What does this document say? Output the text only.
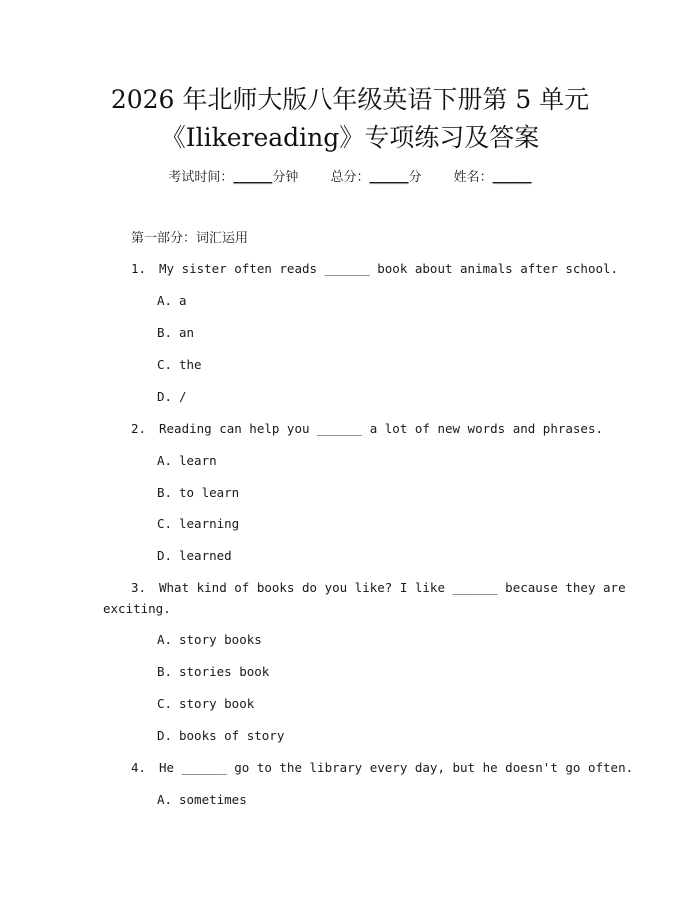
2026 年北师大版八年级英语下册第 5 单元
《Ilikereading》专项练习及答案
考试时间：______分钟 总分：______分 姓名：______
第一部分：词汇运用
1. My sister often reads ______ book about animals after school.
A. a
B. an
C. the
D. /
2. Reading can help you ______ a lot of new words and phrases.
A. learn
B. to learn
C. learning
D. learned
3. What kind of books do you like? I like ______ because they are
exciting.
A. story books
B. stories book
C. story book
D. books of story
4. He ______ go to the library every day, but he doesn't go often.
A. sometimes
